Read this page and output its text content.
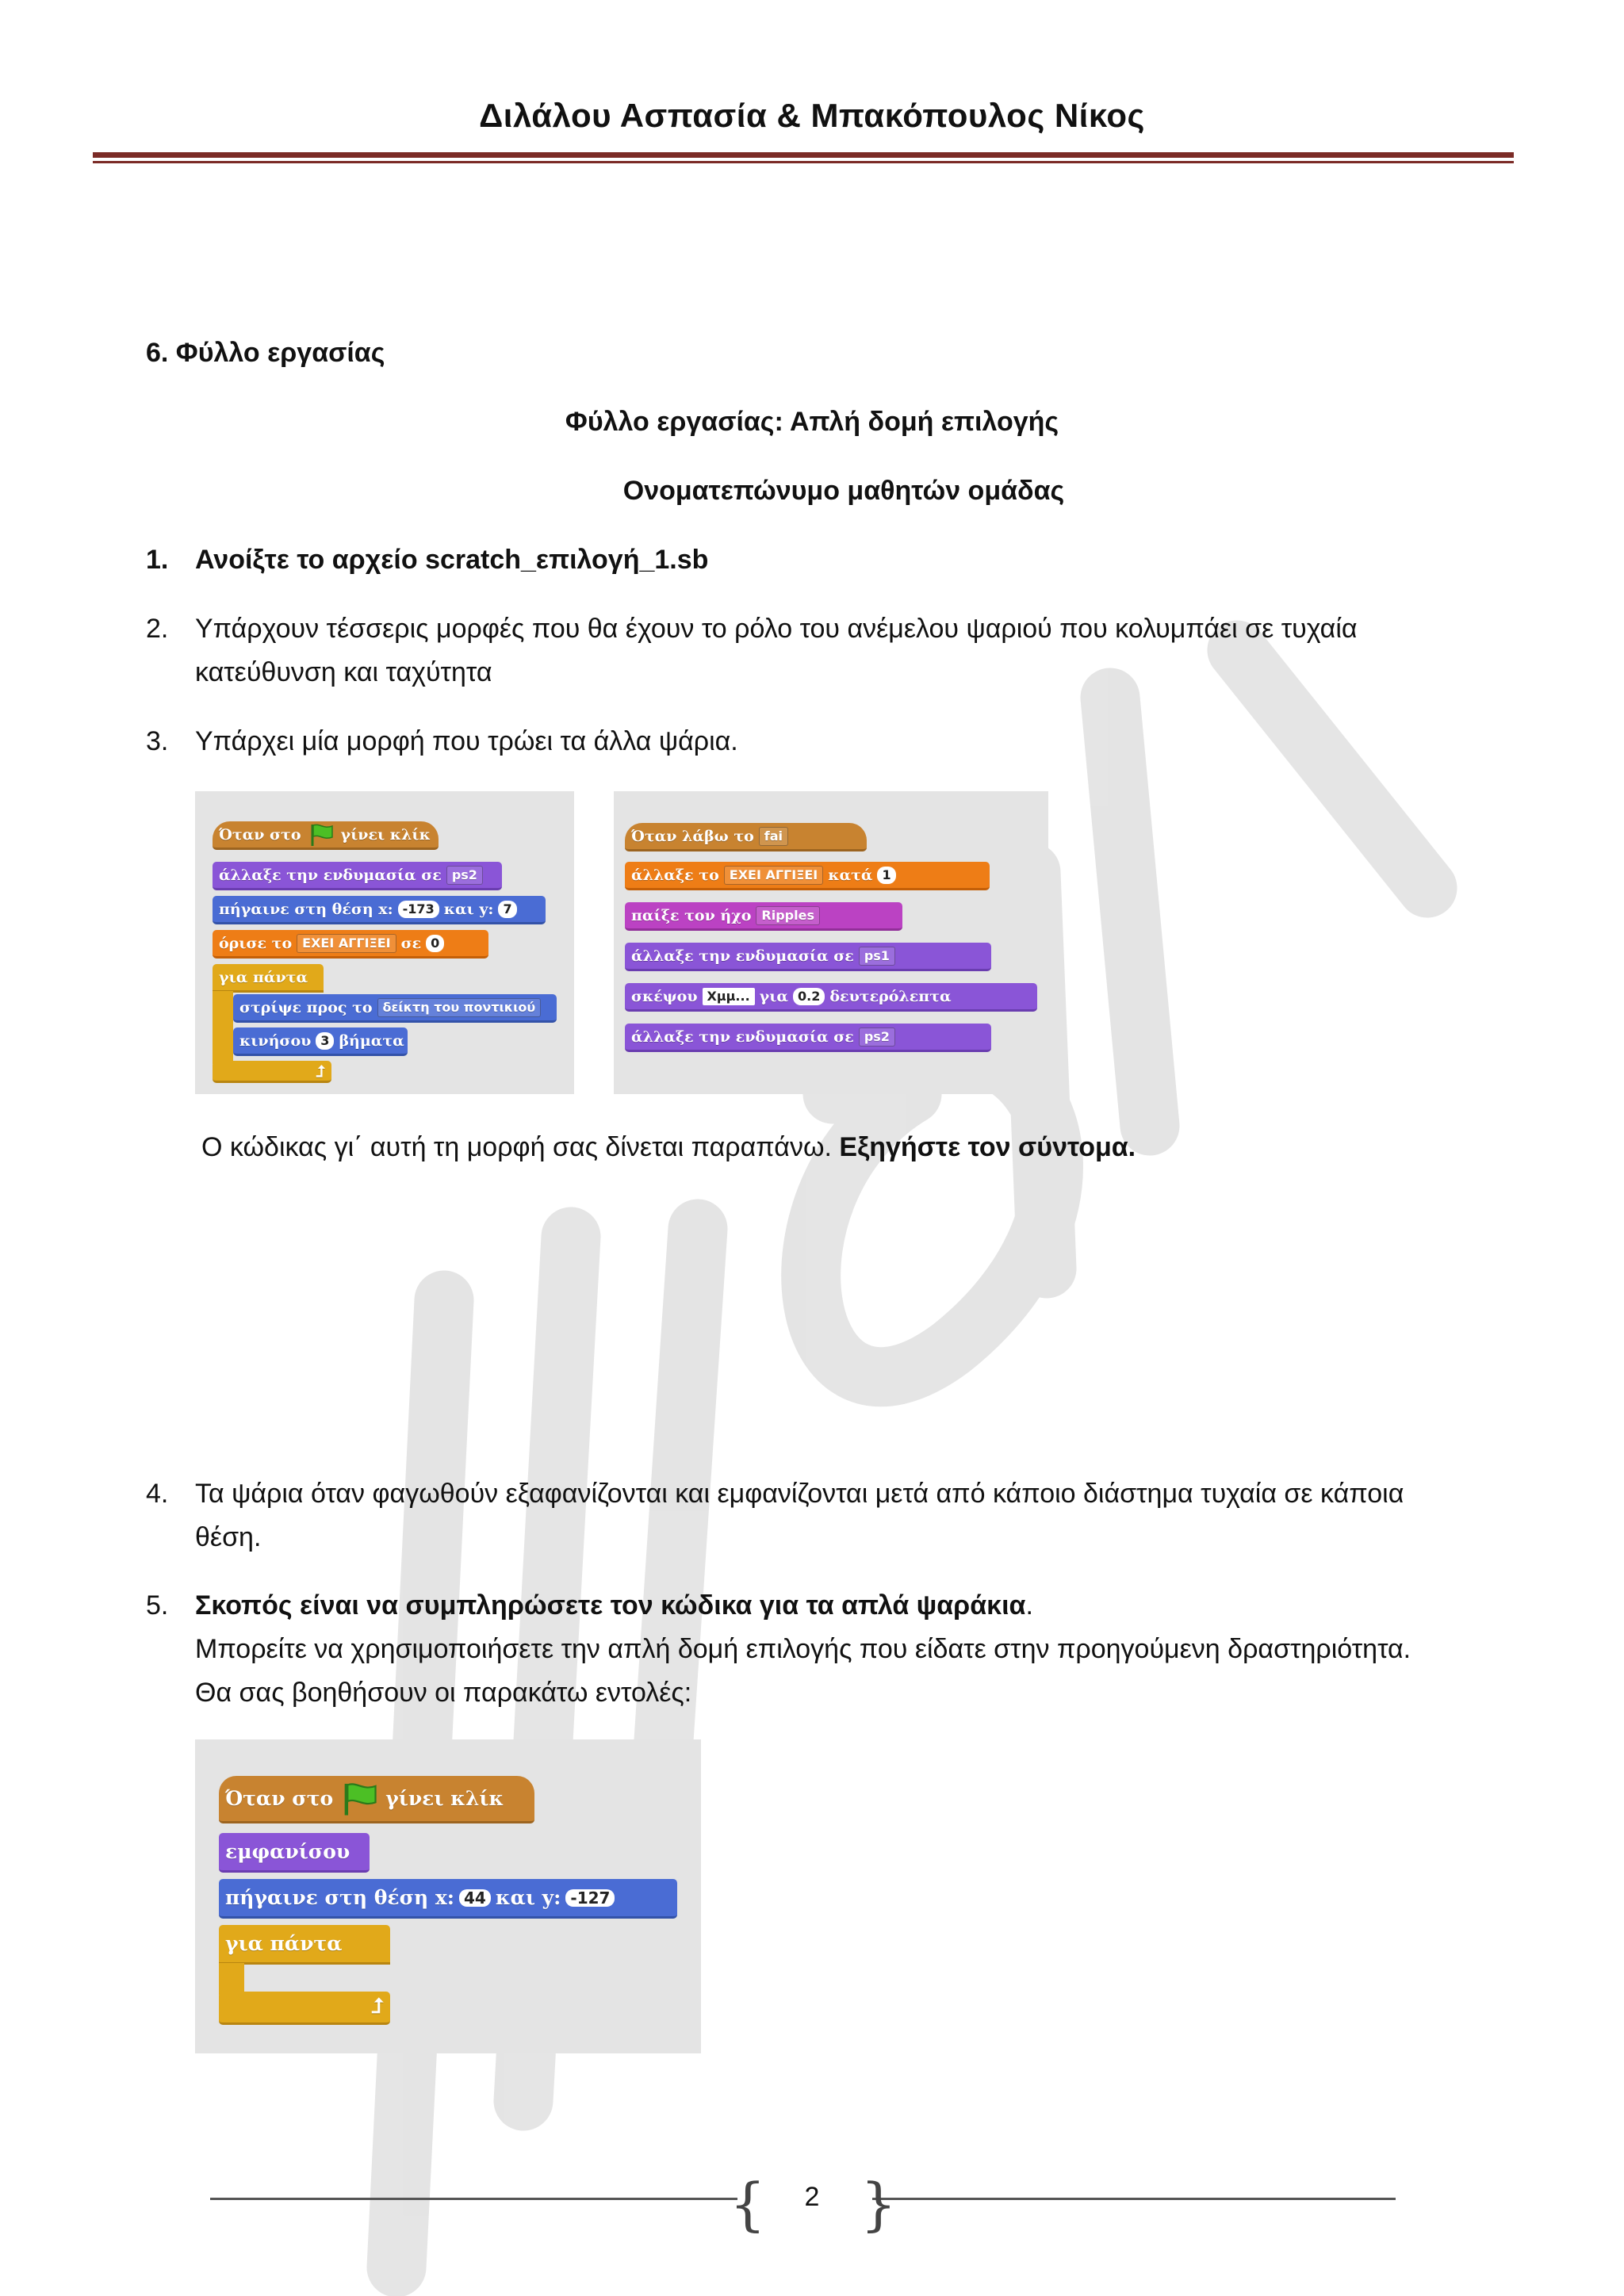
Διλάλου Ασπασία & Μπακόπουλος Νίκος
6. Φύλλο εργασίας
Φύλλο εργασίας: Απλή δομή επιλογής
Ονοματεπώνυμο μαθητών ομάδας
1. Ανοίξτε το αρχείο scratch_επιλογή_1.sb
2. Υπάρχουν τέσσερις μορφές που θα έχουν το ρόλο του ανέμελου ψαριού που κολυμπάει σε τυχαία
κατεύθυνση και ταχύτητα
3. Υπάρχει μία μορφή που τρώει τα άλλα ψάρια.
Όταν στο	γίνει κλίκ
άλλαξε την ενδυμασία σε ps2
πήγαινε στη θέση x: -173 και y: 7
όρισε το ΕΧΕΙ ΑΓΓΙΞΕΙ σε 0
για πάντα
στρίψε προς το δείκτη του ποντικιού
κινήσου 3 βήματα
⮥
Όταν λάβω το fai
άλλαξε το ΕΧΕΙ ΑΓΓΙΞΕΙ κατά 1
παίξε τον ήχο Ripples
άλλαξε την ενδυμασία σε ps1
σκέψου Χμμ... για 0.2 δευτερόλεπτα
άλλαξε την ενδυμασία σε ps2
Ο κώδικας γι΄ αυτή τη μορφή σας δίνεται παραπάνω. Εξηγήστε τον σύντομα.
4. Τα ψάρια όταν φαγωθούν εξαφανίζονται και εμφανίζονται μετά από κάποιο διάστημα τυχαία σε κάποια
θέση.
5. Σκοπός είναι να συμπληρώσετε τον κώδικα για τα απλά ψαράκια.
Μπορείτε να χρησιμοποιήσετε την απλή δομή επιλογής που είδατε στην προηγούμενη δραστηριότητα.
Θα σας βοηθήσουν οι παρακάτω εντολές:
Όταν στο	γίνει κλίκ
εμφανίσου
πήγαινε στη θέση x: 44 και y: -127
για πάντα
⮥
{ }
2
